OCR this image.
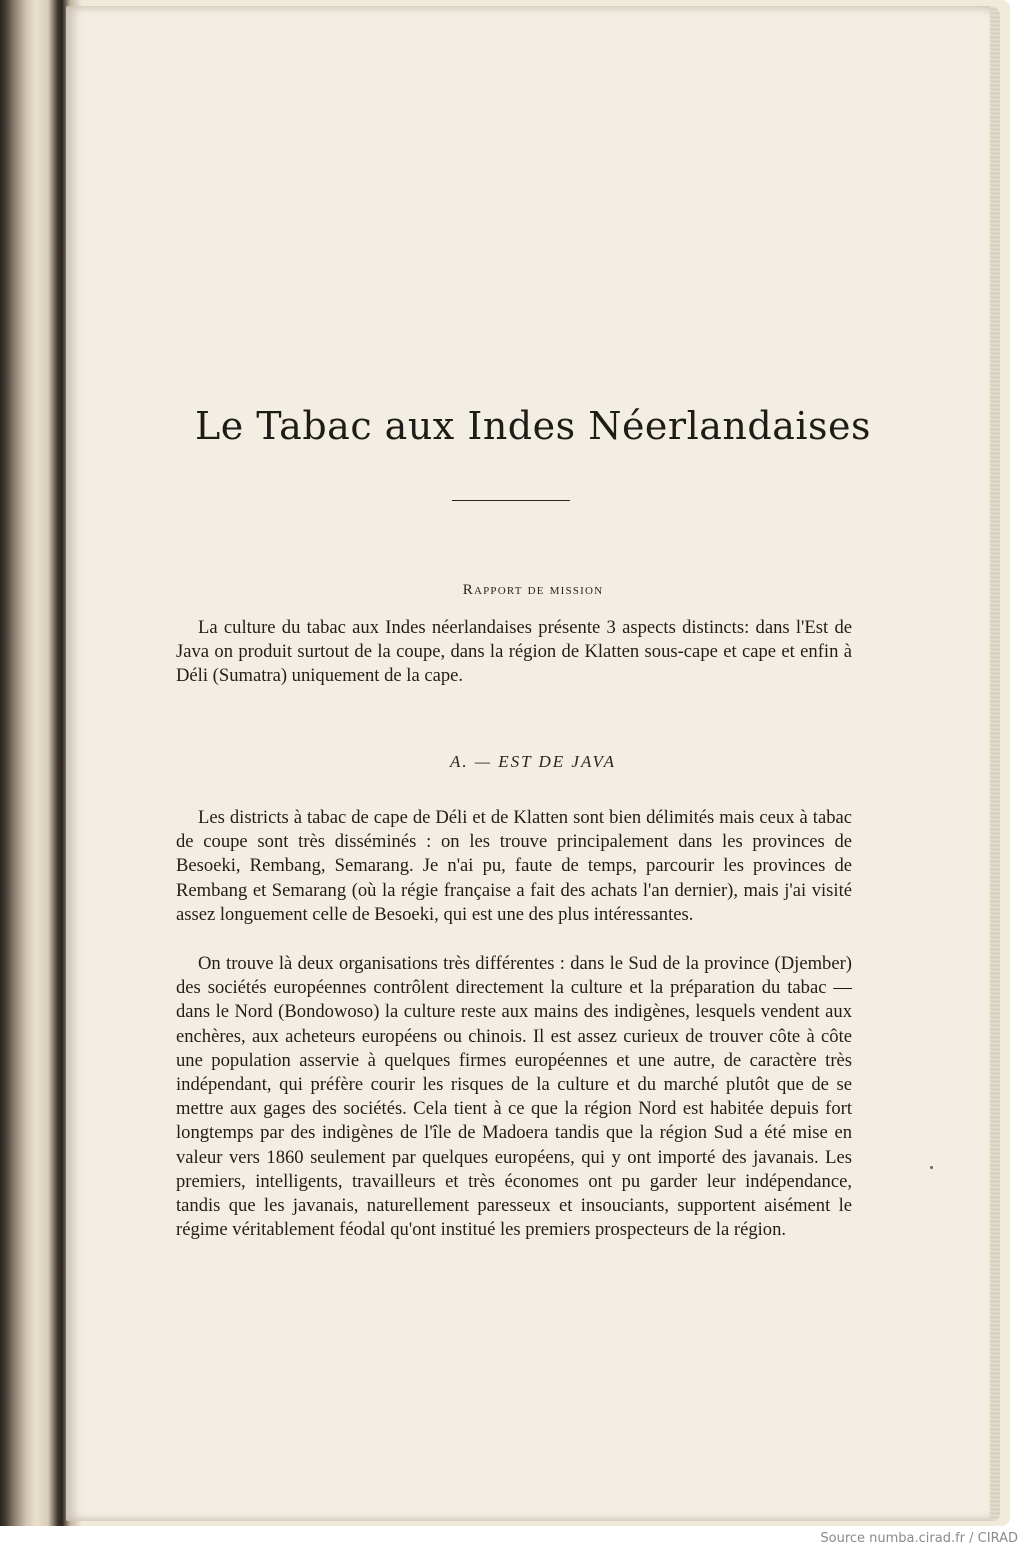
Le Tabac aux Indes Néerlandaises
Rapport de mission

La culture du tabac aux Indes néerlandaises présente 3 aspects distincts: dans l'Est de Java on produit surtout de la coupe, dans la région de Klatten sous-cape et cape et enfin à Déli (Sumatra) uniquement de la cape.

A. — EST DE JAVA

Les districts à tabac de cape de Déli et de Klatten sont bien délimités mais ceux à tabac de coupe sont très disséminés : on les trouve principalement dans les provinces de Besoeki, Rembang, Semarang. Je n'ai pu, faute de temps, parcourir les provinces de Rembang et Semarang (où la régie française a fait des achats l'an dernier), mais j'ai visité assez longuement celle de Besoeki, qui est une des plus intéressantes.

On trouve là deux organisations très différentes : dans le Sud de la province (Djember) des sociétés européennes contrôlent directement la culture et la préparation du tabac — dans le Nord (Bondowoso) la culture reste aux mains des indigènes, lesquels vendent aux enchères, aux acheteurs européens ou chinois. Il est assez curieux de trouver côte à côte une population asservie à quelques firmes européennes et une autre, de caractère très indépendant, qui préfère courir les risques de la culture et du marché plutôt que de se mettre aux gages des sociétés. Cela tient à ce que la région Nord est habitée depuis fort longtemps par des indigènes de l'île de Madoera tandis que la région Sud a été mise en valeur vers 1860 seulement par quelques européens, qui y ont importé des javanais. Les premiers, intelligents, travailleurs et très économes ont pu garder leur indépendance, tandis que les javanais, naturellement paresseux et insouciants, supportent aisément le régime véritablement féodal qu'ont institué les premiers prospecteurs de la région.

Source numba.cirad.fr / CIRAD
